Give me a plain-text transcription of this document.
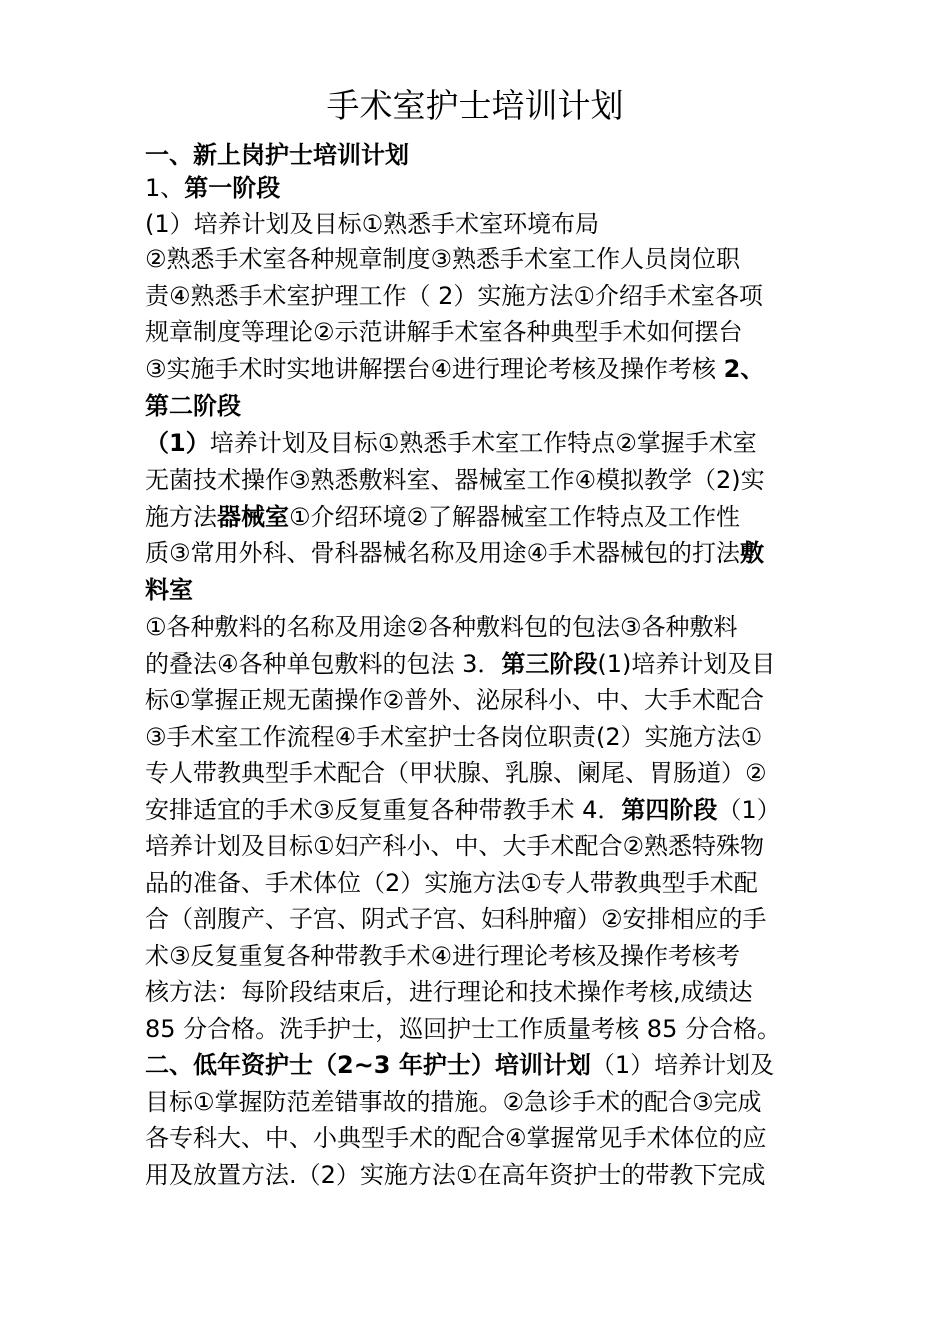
手术室护士培训计划
一、新上岗护士培训计划
1、第一阶段
(1）培养计划及目标①熟悉手术室环境布局
②熟悉手术室各种规章制度③熟悉手术室工作人员岗位职
责④熟悉手术室护理工作（ 2）实施方法①介绍手术室各项
规章制度等理论②示范讲解手术室各种典型手术如何摆台
③实施手术时实地讲解摆台④进行理论考核及操作考核 2、
第二阶段
（1）培养计划及目标①熟悉手术室工作特点②掌握手术室
无菌技术操作③熟悉敷料室、器械室工作④模拟教学（2)实
施方法器械室①介绍环境②了解器械室工作特点及工作性
质③常用外科、骨科器械名称及用途④手术器械包的打法敷
料室
①各种敷料的名称及用途②各种敷料包的包法③各种敷料
的叠法④各种单包敷料的包法 3．第三阶段(1)培养计划及目
标①掌握正规无菌操作②普外、泌尿科小、中、大手术配合
③手术室工作流程④手术室护士各岗位职责(2）实施方法①
专人带教典型手术配合（甲状腺、乳腺、阑尾、胃肠道）②
安排适宜的手术③反复重复各种带教手术 4．第四阶段（1）
培养计划及目标①妇产科小、中、大手术配合②熟悉特殊物
品的准备、手术体位（2）实施方法①专人带教典型手术配
合（剖腹产、子宫、阴式子宫、妇科肿瘤）②安排相应的手
术③反复重复各种带教手术④进行理论考核及操作考核考
核方法：每阶段结束后，进行理论和技术操作考核,成绩达
85 分合格。洗手护士，巡回护士工作质量考核 85 分合格。
二、低年资护士（2~3 年护士）培训计划（1）培养计划及
目标①掌握防范差错事故的措施。②急诊手术的配合③完成
各专科大、中、小典型手术的配合④掌握常见手术体位的应
用及放置方法.（2）实施方法①在高年资护士的带教下完成
